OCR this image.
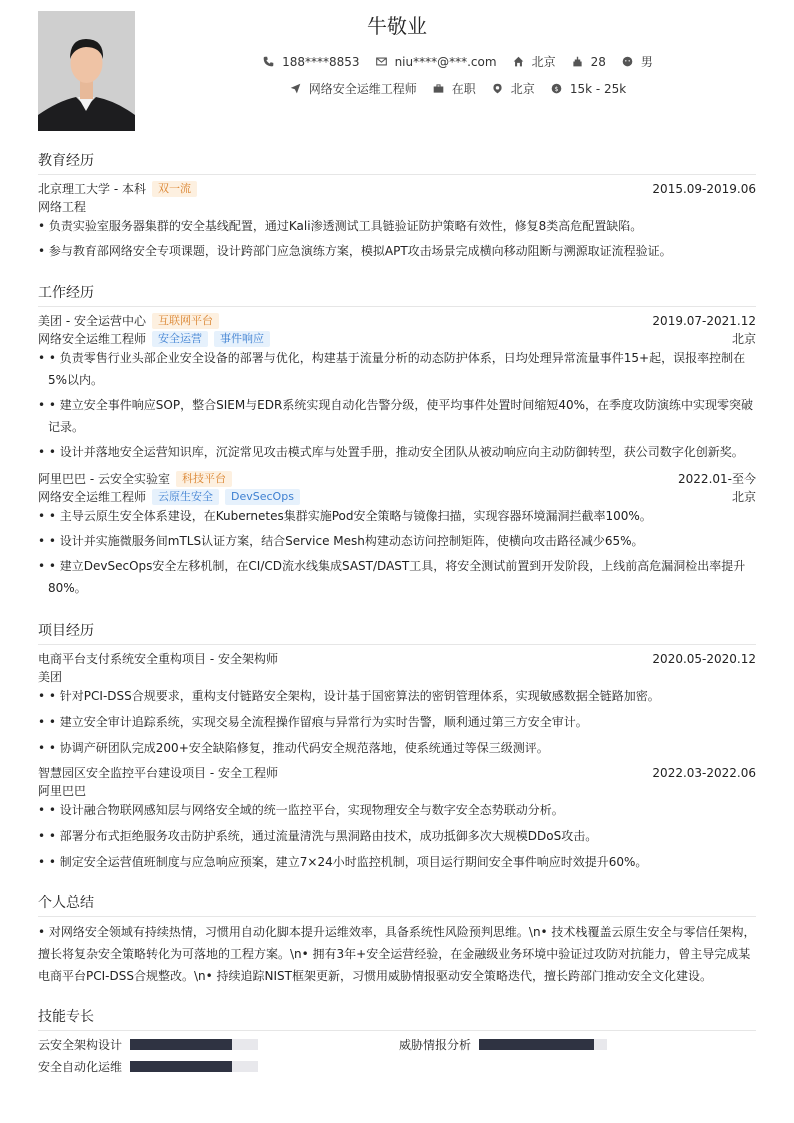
牛敬业
188****8853	niu****@***.com	北京	28	男
网络安全运维工程师	在职	北京 $ 15k - 25k
教育经历
北京理工大学 - 本科	双一流	2015.09-2019.06
网络工程
• 负责实验室服务器集群的安全基线配置，通过Kali渗透测试工具链验证防护策略有效性，修复8类高危配置缺陷。
• 参与教育部网络安全专项课题，设计跨部门应急演练方案，模拟APT攻击场景完成横向移动阻断与溯源取证流程验证。
工作经历
美团 - 安全运营中心	互联网平台	2019.07-2021.12
网络安全运维工程师	安全运营	事件响应	北京
• • 负责零售行业头部企业安全设备的部署与优化，构建基于流量分析的动态防护体系，日均处理异常流量事件15+起，误报率控制在5%以内。
• • 建立安全事件响应SOP，整合SIEM与EDR系统实现自动化告警分级，使平均事件处置时间缩短40%，在季度攻防演练中实现零突破记录。
• • 设计并落地安全运营知识库，沉淀常见攻击模式库与处置手册，推动安全团队从被动响应向主动防御转型，获公司数字化创新奖。
阿里巴巴 - 云安全实验室	科技平台	2022.01-至今
网络安全运维工程师	云原生安全	DevSecOps	北京
• • 主导云原生安全体系建设，在Kubernetes集群实施Pod安全策略与镜像扫描，实现容器环境漏洞拦截率100%。
• • 设计并实施微服务间mTLS认证方案，结合Service Mesh构建动态访问控制矩阵，使横向攻击路径减少65%。
• • 建立DevSecOps安全左移机制，在CI/CD流水线集成SAST/DAST工具，将安全测试前置到开发阶段，上线前高危漏洞检出率提升80%。
项目经历
电商平台支付系统安全重构项目 - 安全架构师	2020.05-2020.12
美团
• • 针对PCI-DSS合规要求，重构支付链路安全架构，设计基于国密算法的密钥管理体系，实现敏感数据全链路加密。
• • 建立安全审计追踪系统，实现交易全流程操作留痕与异常行为实时告警，顺利通过第三方安全审计。
• • 协调产研团队完成200+安全缺陷修复，推动代码安全规范落地，使系统通过等保三级测评。
智慧园区安全监控平台建设项目 - 安全工程师	2022.03-2022.06
阿里巴巴
• • 设计融合物联网感知层与网络安全域的统一监控平台，实现物理安全与数字安全态势联动分析。
• • 部署分布式拒绝服务攻击防护系统，通过流量清洗与黑洞路由技术，成功抵御多次大规模DDoS攻击。
• • 制定安全运营值班制度与应急响应预案，建立7×24小时监控机制，项目运行期间安全事件响应时效提升60%。
个人总结
• 对网络安全领域有持续热情，习惯用自动化脚本提升运维效率，具备系统性风险预判思维。\n• 技术栈覆盖云原生安全与零信任架构，擅长将复杂安全策略转化为可落地的工程方案。\n• 拥有3年+安全运营经验，在金融级业务环境中验证过攻防对抗能力，曾主导完成某电商平台PCI-DSS合规整改。\n• 持续追踪NIST框架更新，习惯用威胁情报驱动安全策略迭代，擅长跨部门推动安全文化建设。
技能专长
云安全架构设计	威胁情报分析
安全自动化运维
